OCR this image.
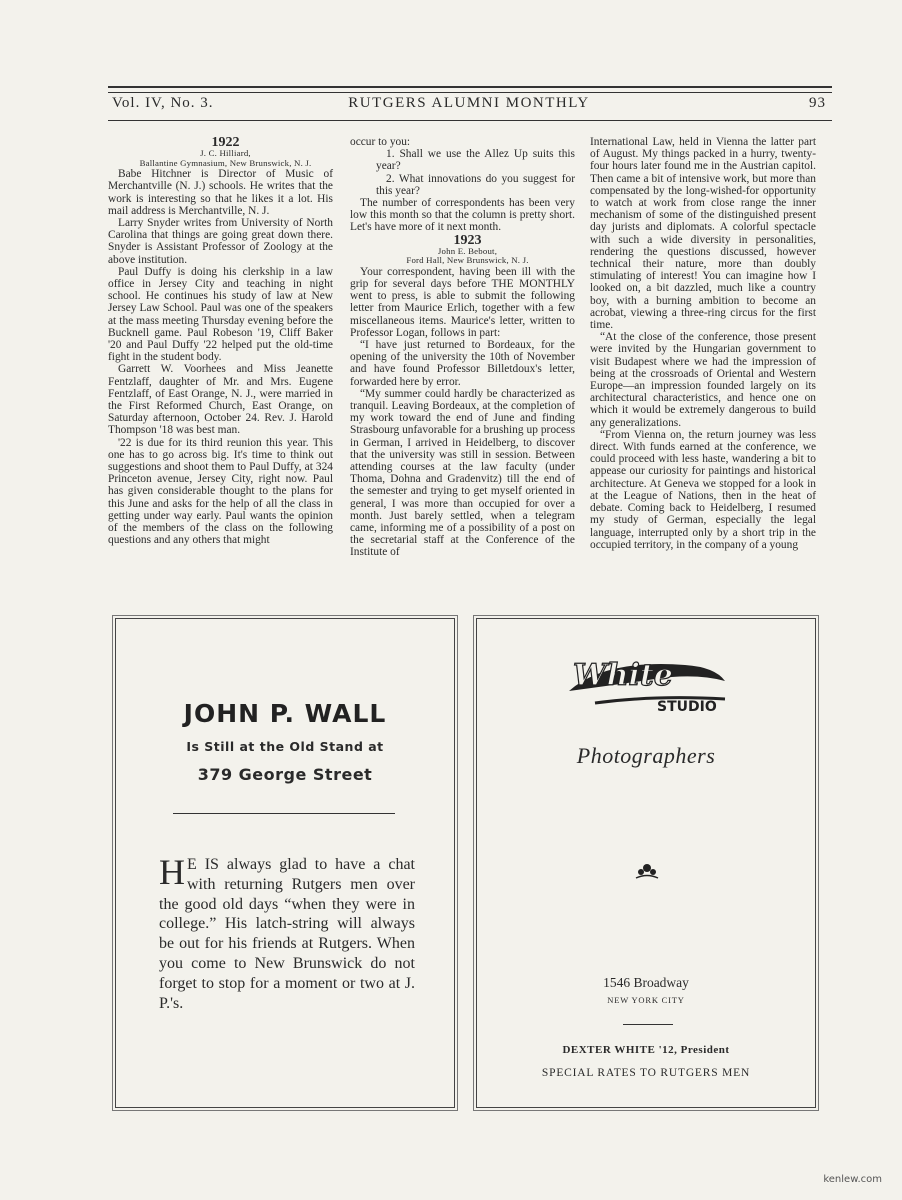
Vol. IV, No. 3.	RUTGERS ALUMNI MONTHLY	93

1922

J. C. Hilliard,

Ballantine Gymnasium, New Brunswick, N. J.

Babe Hitchner is Director of Music of Merchantville (N. J.) schools. He writes that the work is interesting so that he likes it a lot. His mail address is Merchantville, N. J.

Larry Snyder writes from University of North Carolina that things are going great down there. Snyder is Assistant Professor of Zoology at the above institution.

Paul Duffy is doing his clerkship in a law office in Jersey City and teaching in night school. He continues his study of law at New Jersey Law School. Paul was one of the speakers at the mass meeting Thursday evening before the Bucknell game. Paul Robeson '19, Cliff Baker '20 and Paul Duffy '22 helped put the old-time fight in the student body.

Garrett W. Voorhees and Miss Jeanette Fentzlaff, daughter of Mr. and Mrs. Eugene Fentzlaff, of East Orange, N. J., were married in the First Reformed Church, East Orange, on Saturday afternoon, October 24. Rev. J. Harold Thompson '18 was best man.

'22 is due for its third reunion this year. This one has to go across big. It's time to think out suggestions and shoot them to Paul Duffy, at 324 Princeton avenue, Jersey City, right now. Paul has given considerable thought to the plans for this June and asks for the help of all the class in getting under way early. Paul wants the opinion of the members of the class on the following questions and any others that might

occur to you:

1. Shall we use the Allez Up suits this year?

2. What innovations do you suggest for this year?

The number of correspondents has been very low this month so that the column is pretty short. Let's have more of it next month.

1923

John E. Bebout,

Ford Hall, New Brunswick, N. J.

Your correspondent, having been ill with the grip for several days before THE MONTHLY went to press, is able to submit the following letter from Maurice Erlich, together with a few miscellaneous items. Maurice's letter, written to Professor Logan, follows in part:

“I have just returned to Bordeaux, for the opening of the university the 10th of November and have found Professor Billetdoux's letter, forwarded here by error.

“My summer could hardly be characterized as tranquil. Leaving Bordeaux, at the completion of my work toward the end of June and finding Strasbourg unfavorable for a brushing up process in German, I arrived in Heidelberg, to discover that the university was still in session. Between attending courses at the law faculty (under Thoma, Dohna and Gradenvitz) till the end of the semester and trying to get myself oriented in general, I was more than occupied for over a month. Just barely settled, when a telegram came, informing me of a possibility of a post on the secretarial staff at the Conference of the Institute of

International Law, held in Vienna the latter part of August. My things packed in a hurry, twenty-four hours later found me in the Austrian capitol. Then came a bit of intensive work, but more than compensated by the long-wished-for opportunity to watch at work from close range the inner mechanism of some of the distinguished present day jurists and diplomats. A colorful spectacle with such a wide diversity in personalities, rendering the questions discussed, however technical their nature, more than doubly stimulating of interest! You can imagine how I looked on, a bit dazzled, much like a country boy, with a burning ambition to become an acrobat, viewing a three-ring circus for the first time.

“At the close of the conference, those present were invited by the Hungarian government to visit Budapest where we had the impression of being at the crossroads of Oriental and Western Europe—an impression founded largely on its architectural characteristics, and hence one on which it would be extremely dangerous to build any generalizations.

“From Vienna on, the return journey was less direct. With funds earned at the conference, we could proceed with less haste, wandering a bit to appease our curiosity for paintings and historical architecture. At Geneva we stopped for a look in at the League of Nations, then in the heat of debate. Coming back to Heidelberg, I resumed my study of German, especially the legal language, interrupted only by a short trip in the occupied territory, in the company of a young

JOHN P. WALL
Is Still at the Old Stand at
379 George Street
H E IS always glad to have a chat with returning Rutgers men over the good old days “when they were in college.” His latch-string will always be out for his friends at Rutgers. When you come to New Brunswick do not forget to stop for a moment or two at J. P.'s.
White
STUDIO
Photographers
1546 Broadway
NEW YORK CITY
DEXTER WHITE '12, President
SPECIAL RATES TO RUTGERS MEN
kenlew.com
